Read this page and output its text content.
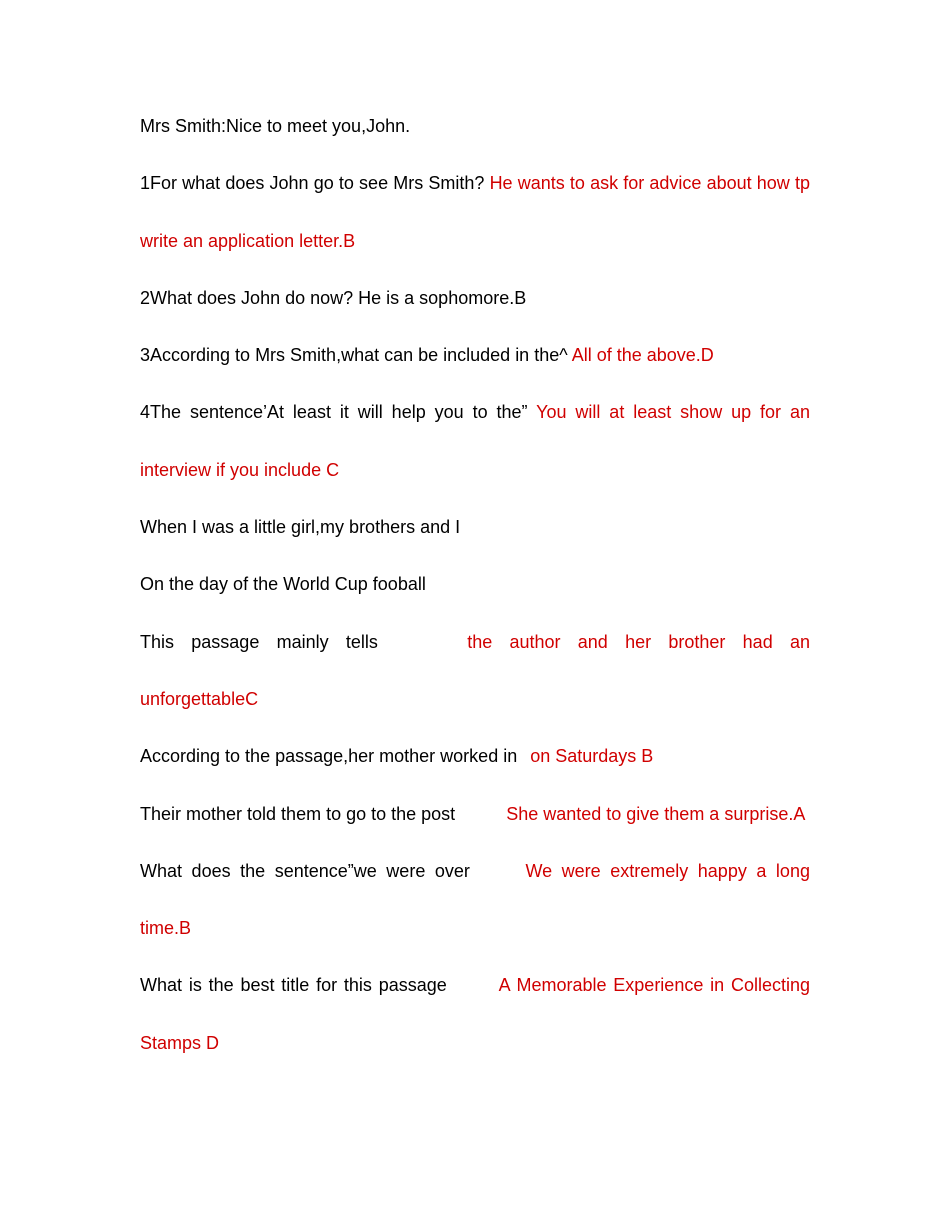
Mrs Smith:Nice to meet you,John.

1For what does John go to see Mrs Smith? He wants to ask for advice about how tp write an application letter.B

2What does John do now? He is a sophomore.B

3According to Mrs Smith,what can be included in the^ All of the above.D

4The sentence’At least it will help you to the” You will at least show up for an interview if you include C

When I was a little girl,my brothers and I

On the day of the World Cup fooball

This passage mainly tells	the author and her brother had an unforgettableC

According to the passage,her mother worked in on Saturdays B

Their mother told them to go to the post	She wanted to give them a surprise.A

What does the sentence”we were over	We were extremely happy a long time.B

What is the best title for this passage	A Memorable Experience in Collecting Stamps D
